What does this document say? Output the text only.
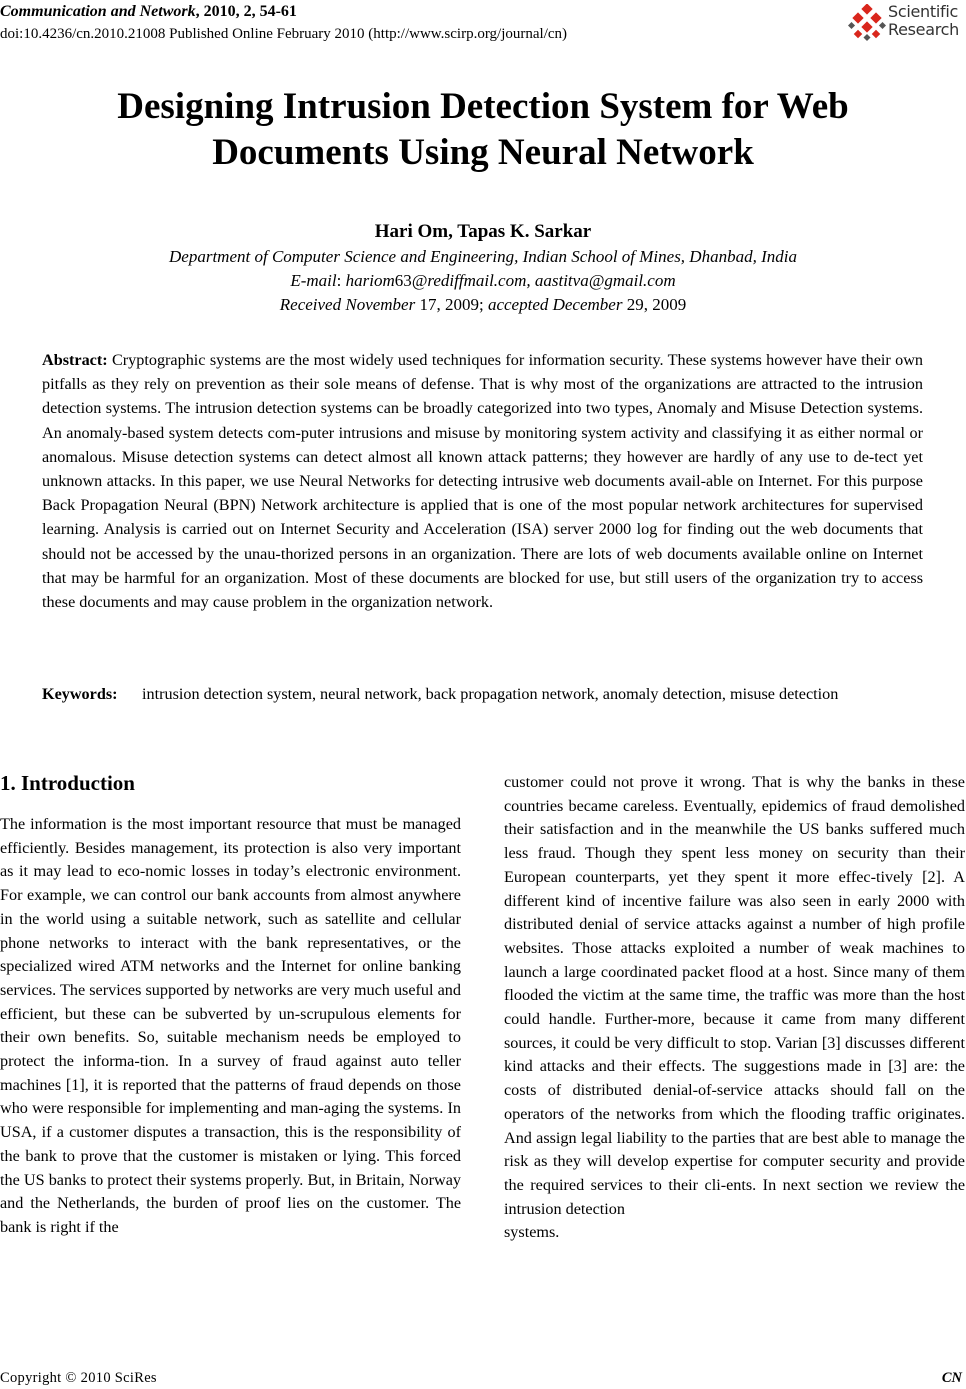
Communication and Network, 2010, 2, 54-61
doi:10.4236/cn.2010.21008 Published Online February 2010 (http://www.scirp.org/journal/cn)
Scientific
Research
Designing Intrusion Detection System for Web Documents Using Neural Network
Hari Om, Tapas K. Sarkar
Department of Computer Science and Engineering, Indian School of Mines, Dhanbad, India
E-mail: hariom63@rediffmail.com, aastitva@gmail.com
Received November 17, 2009; accepted December 29, 2009

Abstract: Cryptographic systems are the most widely used techniques for information security. These systems however have their own pitfalls as they rely on prevention as their sole means of defense. That is why most of the organizations are attracted to the intrusion detection systems. The intrusion detection systems can be broadly categorized into two types, Anomaly and Misuse Detection systems. An anomaly-based system detects com-puter intrusions and misuse by monitoring system activity and classifying it as either normal or anomalous. Misuse detection systems can detect almost all known attack patterns; they however are hardly of any use to de-tect yet unknown attacks. In this paper, we use Neural Networks for detecting intrusive web documents avail-able on Internet. For this purpose Back Propagation Neural (BPN) Network architecture is applied that is one of the most popular network architectures for supervised learning. Analysis is carried out on Internet Security and Acceleration (ISA) server 2000 log for finding out the web documents that should not be accessed by the unau-thorized persons in an organization. There are lots of web documents available online on Internet that may be harmful for an organization. Most of these documents are blocked for use, but still users of the organization try to access these documents and may cause problem in the organization network.

Keywords: intrusion detection system, neural network, back propagation network, anomaly detection, misuse detection
1. Introduction

The information is the most important resource that must be managed efficiently. Besides management, its protection is also very important as it may lead to eco-nomic losses in today’s electronic environment. For example, we can control our bank accounts from almost anywhere in the world using a suitable network, such as satellite and cellular phone networks to interact with the bank representatives, or the specialized wired ATM networks and the Internet for online banking services. The services supported by networks are very much useful and efficient, but these can be subverted by un-scrupulous elements for their own benefits. So, suitable mechanism needs be employed to protect the informa-tion. In a survey of fraud against auto teller machines [1], it is reported that the patterns of fraud depends on those who were responsible for implementing and man-aging the systems. In USA, if a customer disputes a transaction, this is the responsibility of the bank to prove that the customer is mistaken or lying. This forced the US banks to protect their systems properly. But, in Britain, Norway and the Netherlands, the burden of proof lies on the customer. The bank is right if the

customer could not prove it wrong. That is why the banks in these countries became careless. Eventually, epidemics of fraud demolished their satisfaction and in the meanwhile the US banks suffered much less fraud. Though they spent less money on security than their European counterparts, yet they spent it more effec-tively [2]. A different kind of incentive failure was also seen in early 2000 with distributed denial of service attacks against a number of high profile websites. Those attacks exploited a number of weak machines to launch a large coordinated packet flood at a host. Since many of them flooded the victim at the same time, the traffic was more than the host could handle. Further-more, because it came from many different sources, it could be very difficult to stop. Varian [3] discusses different kind attacks and their effects. The suggestions made in [3] are: the costs of distributed denial-of-service attacks should fall on the operators of the networks from which the flooding traffic originates. And assign legal liability to the parties that are best able to manage the risk as they will develop expertise for computer security and provide the required services to their cli-ents. In next section we review the intrusion detection

systems.
Copyright © 2010 SciRes	CN
